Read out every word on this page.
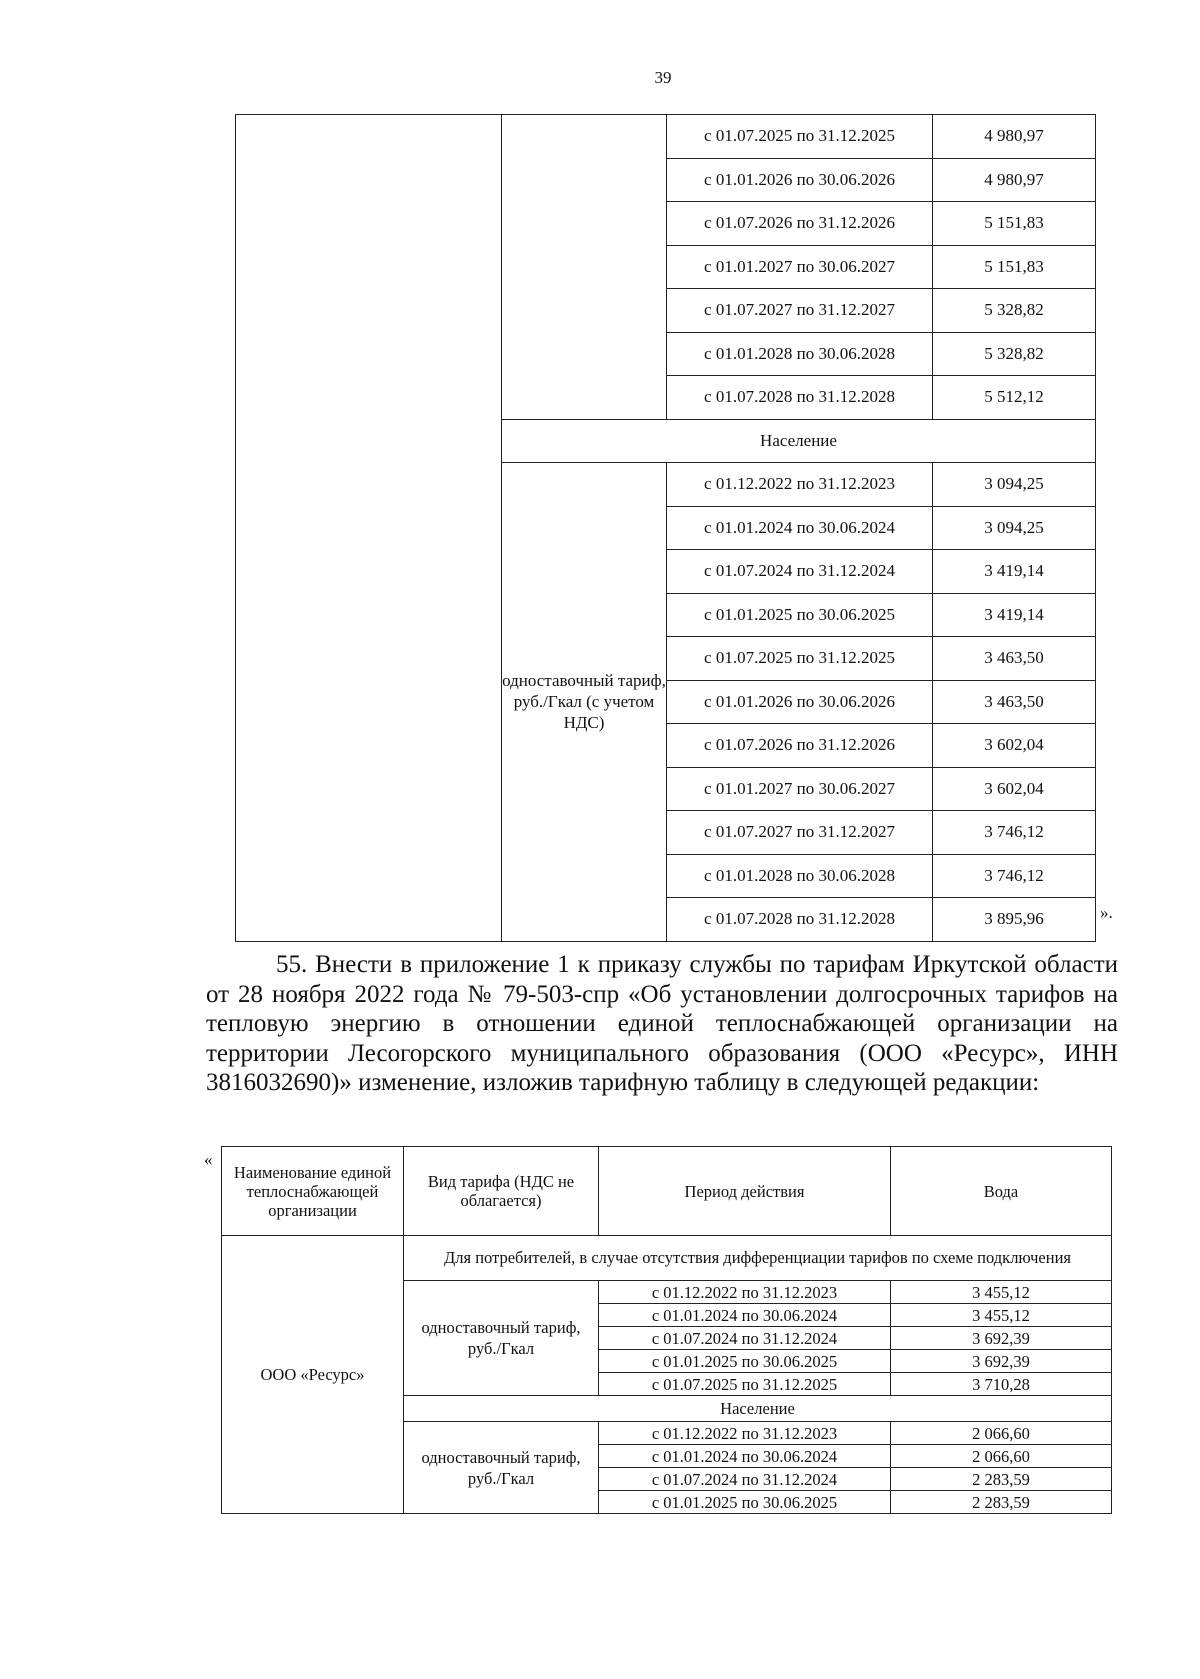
39
		с 01.07.2025 по 31.12.2025	4 980,97
		с 01.01.2026 по 30.06.2026	4 980,97
		с 01.07.2026 по 31.12.2026	5 151,83
		с 01.01.2027 по 30.06.2027	5 151,83
		с 01.07.2027 по 31.12.2027	5 328,82
		с 01.01.2028 по 30.06.2028	5 328,82
		с 01.07.2028 по 31.12.2028	5 512,12
	Население		
	одноставочный тариф, руб./Гкал (с учетом НДС)	с 01.12.2022 по 31.12.2023	3 094,25
		с 01.01.2024 по 30.06.2024	3 094,25
		с 01.07.2024 по 31.12.2024	3 419,14
		с 01.01.2025 по 30.06.2025	3 419,14
		с 01.07.2025 по 31.12.2025	3 463,50
		с 01.01.2026 по 30.06.2026	3 463,50
		с 01.07.2026 по 31.12.2026	3 602,04
		с 01.01.2027 по 30.06.2027	3 602,04
		с 01.07.2027 по 31.12.2027	3 746,12
		с 01.01.2028 по 30.06.2028	3 746,12
		с 01.07.2028 по 31.12.2028	3 895,96	».

55. Внести в приложение 1 к приказу службы по тарифам Иркутской области от 28 ноября 2022 года № 79-503-спр «Об установлении долгосрочных тарифов на тепловую энергию в отношении единой теплоснабжающей организации на территории Лесогорского муниципального образования (ООО «Ресурс», ИНН 3816032690)» изменение, изложив тарифную таблицу в следующей редакции:

«
Наименование единой теплоснабжающей организации	Вид тарифа (НДС не облагается)	Период действия	Вода
ООО «Ресурс»	Для потребителей, в случае отсутствия дифференциации тарифов по схеме подключения		
	одноставочный тариф, руб./Гкал	с 01.12.2022 по 31.12.2023	3 455,12
		с 01.01.2024 по 30.06.2024	3 455,12
		с 01.07.2024 по 31.12.2024	3 692,39
		с 01.01.2025 по 30.06.2025	3 692,39
		с 01.07.2025 по 31.12.2025	3 710,28
	Население		
	одноставочный тариф, руб./Гкал	с 01.12.2022 по 31.12.2023	2 066,60
		с 01.01.2024 по 30.06.2024	2 066,60
		с 01.07.2024 по 31.12.2024	2 283,59
		с 01.01.2025 по 30.06.2025	2 283,59
